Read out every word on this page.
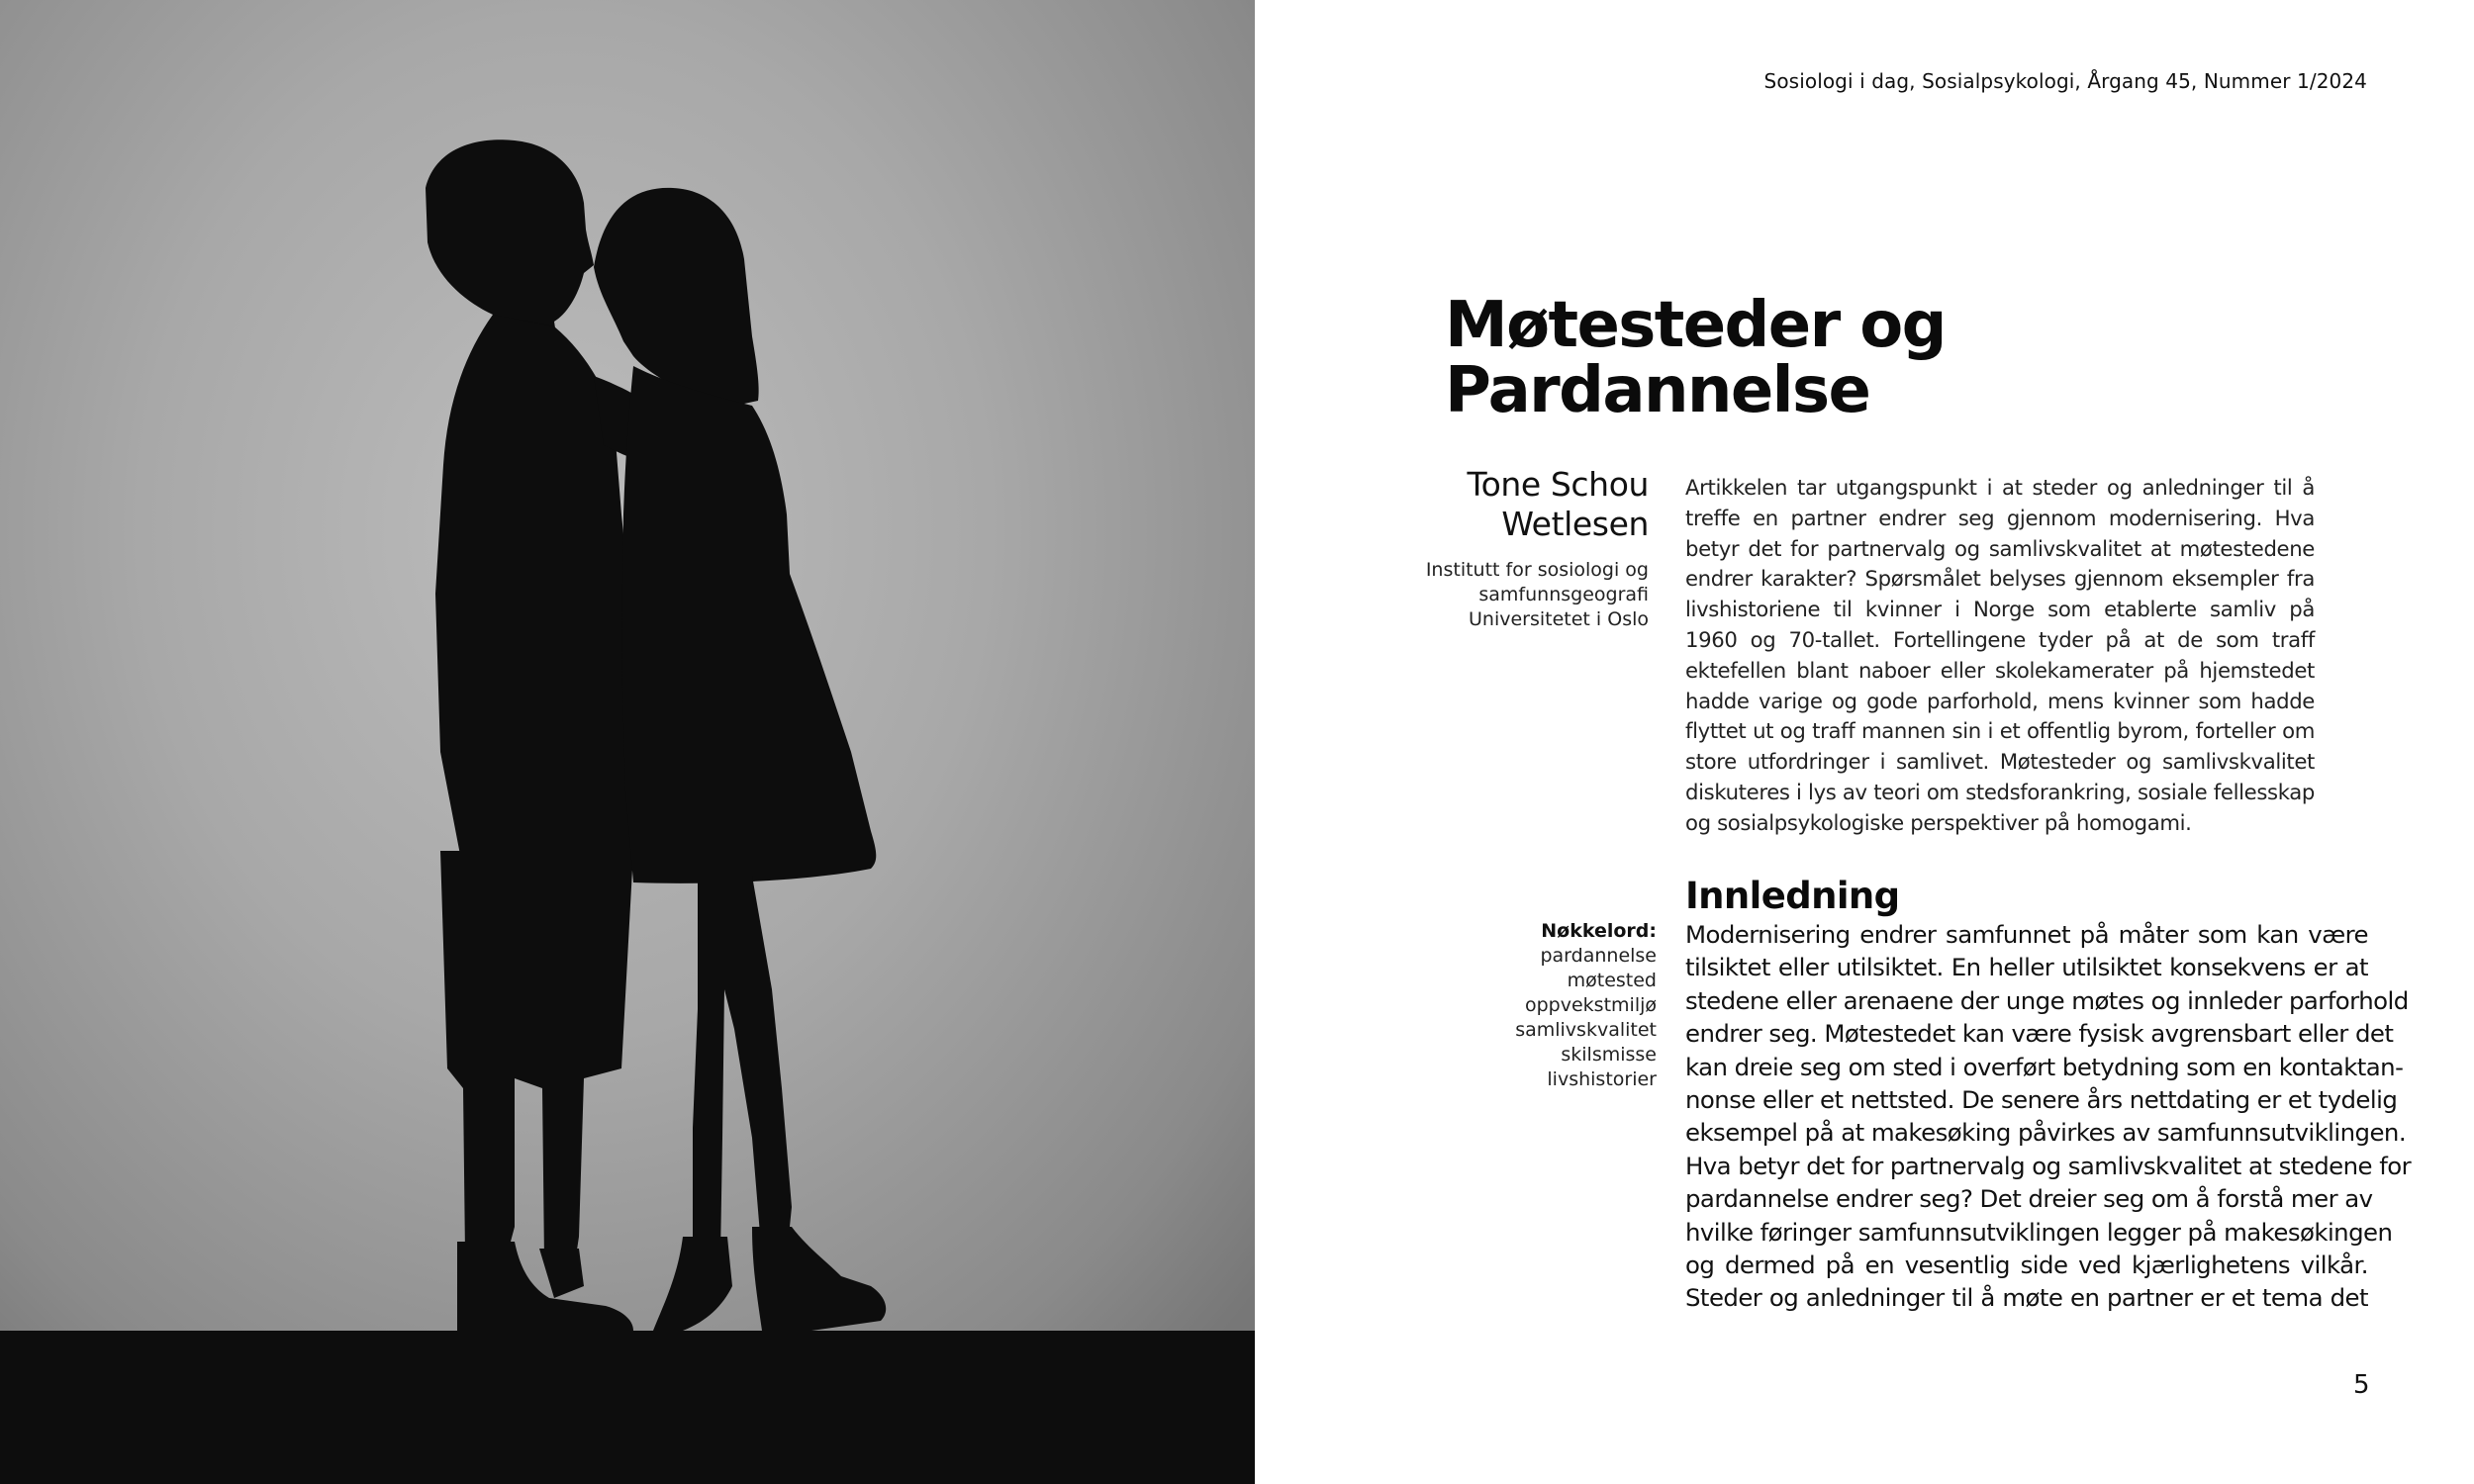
Sosiologi i dag , Sosialpsykologi , Årgang 45 , Nummer 1/2024
Møtesteder og
Pardannelse
Tone Schou
Wetlesen
Institutt for sosiologi og
samfunnsgeografi
Universitetet i Oslo

Artikkelen tar utgangspunkt i at steder og anledninger til å treffe en partner endrer seg gjennom modernisering. Hva betyr det for partnervalg og samlivskvalitet at møtestedene endrer karakter? Spørsmålet belyses gjennom eksempler fra livshistoriene til kvinner i Norge som etablerte samliv på 1960 og 70-tallet. Fortellingene tyder på at de som traff ektefellen blant naboer eller skolekamerater på hjemstedet hadde varige og gode parforhold, mens kvinner som hadde flyttet ut og traff mannen sin i et offentlig byrom, forteller om store utfordringer i samlivet. Møtesteder og samlivskvalitet diskuteres i lys av teori om stedsforankring, sosiale fellesskap og sosialpsykologiske perspektiver på homogami.

Nøkkelord:
pardannelse
møtested
oppvekstmiljø
samlivskvalitet
skilsmisse
livshistorier
Innledning
Modernisering endrer samfunnet på måter som kan være
tilsiktet eller utilsiktet. En heller utilsiktet konsekvens er at
stedene eller arenaene der unge møtes og innleder parforhold
endrer seg. Møtestedet kan være fysisk avgrensbart eller det
kan dreie seg om sted i overført betydning som en kontaktan-
nonse eller et nettsted. De senere års nettdating er et tydelig
eksempel på at makesøking påvirkes av samfunnsutviklingen.
Hva betyr det for partnervalg og samlivskvalitet at stedene for
pardannelse endrer seg? Det dreier seg om å forstå mer av
hvilke føringer samfunnsutviklingen legger på makesøkingen
og dermed på en vesentlig side ved kjærlighetens vilkår.
Steder og anledninger til å møte en partner er et tema det
5
